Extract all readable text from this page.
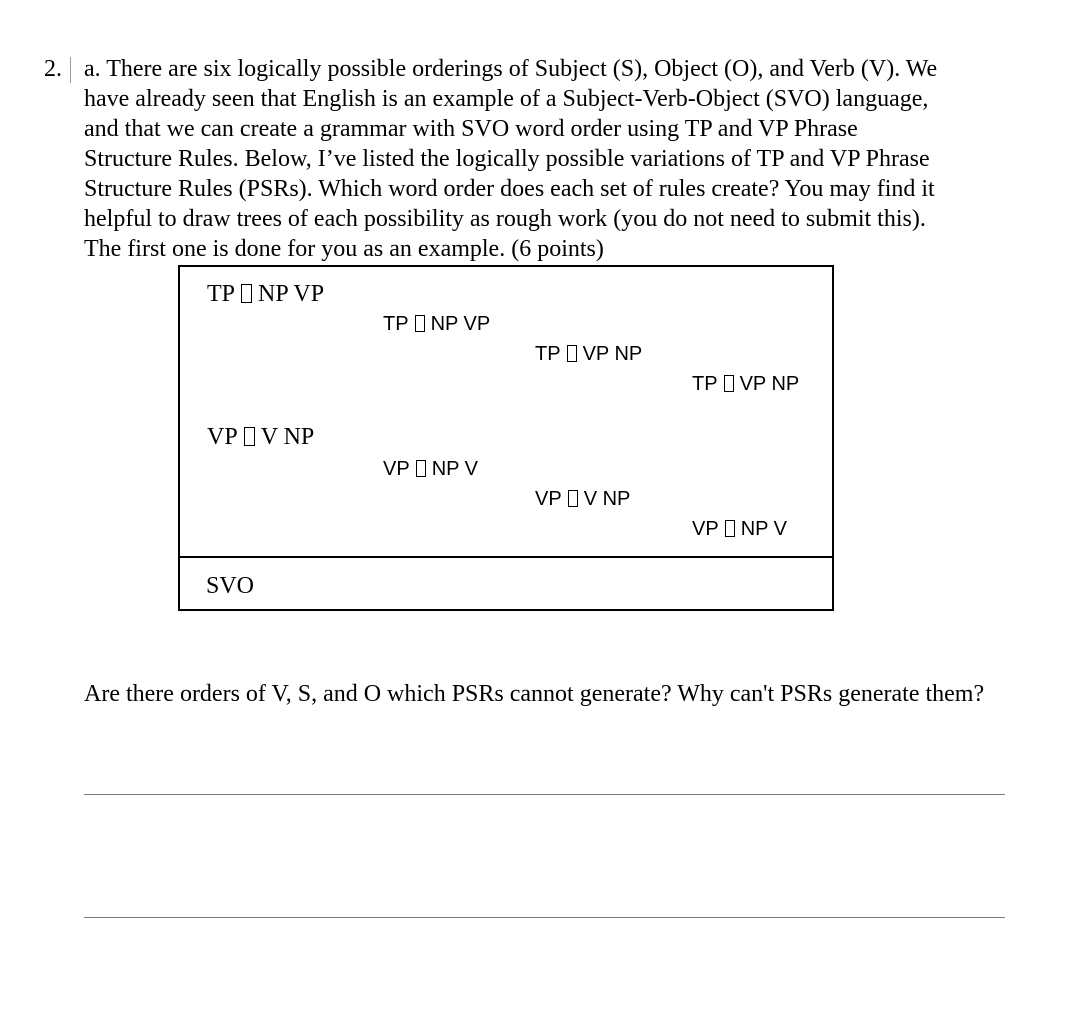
2. a. There are six logically possible orderings of Subject (S), Object (O), and Verb (V). We
have already seen that English is an example of a Subject-Verb-Object (SVO) language,
and that we can create a grammar with SVO word order using TP and VP Phrase
Structure Rules. Below, I’ve listed the logically possible variations of TP and VP Phrase
Structure Rules (PSRs). Which word order does each set of rules create? You may find it
helpful to draw trees of each possibility as rough work (you do not need to submit this).
The first one is done for you as an example. (6 points)
TP NP VP
VP V NP
TP NP VP
VP NP V
TP VP NP
VP V NP
TP VP NP
VP NP V
SVO
Are there orders of V, S, and O which PSRs cannot generate? Why can't PSRs generate them?
